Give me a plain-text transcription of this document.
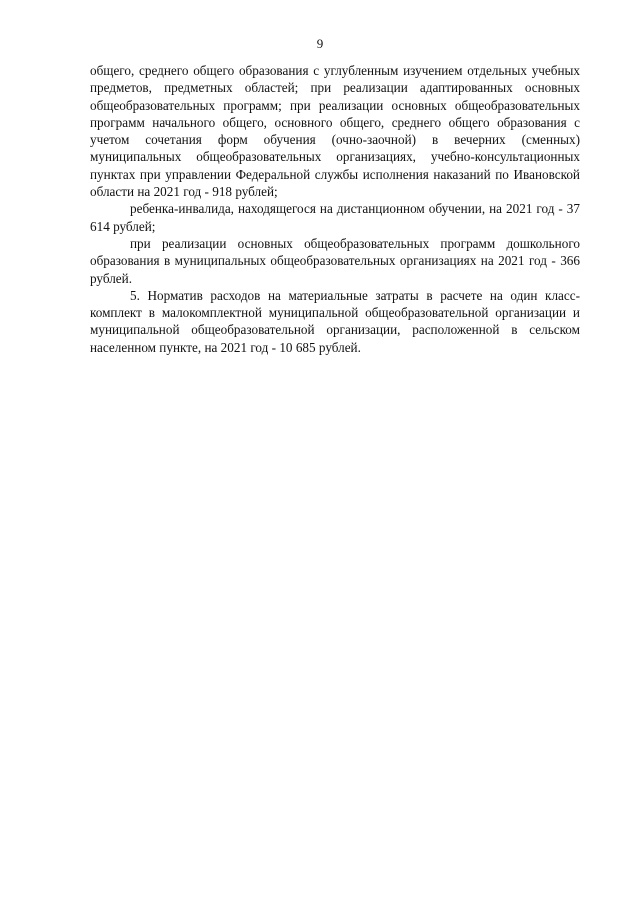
9

общего, среднего общего образования с углубленным изучением отдельных учебных предметов, предметных областей; при реализации адаптированных основных общеобразовательных программ; при реализации основных общеобразовательных программ начального общего, основного общего, среднего общего образования с учетом сочетания форм обучения (очно-заочной) в вечерних (сменных) муниципальных общеобразовательных организациях, учебно-консультационных пунктах при управлении Федеральной службы исполнения наказаний по Ивановской области на 2021 год - 918 рублей;

ребенка-инвалида, находящегося на дистанционном обучении, на 2021 год - 37 614 рублей;

при реализации основных общеобразовательных программ дошкольного образования в муниципальных общеобразовательных организациях на 2021 год - 366 рублей.

5. Норматив расходов на материальные затраты в расчете на один класс-комплект в малокомплектной муниципальной общеобразовательной организации и муниципальной общеобразовательной организации, расположенной в сельском населенном пункте, на 2021 год - 10 685 рублей.
